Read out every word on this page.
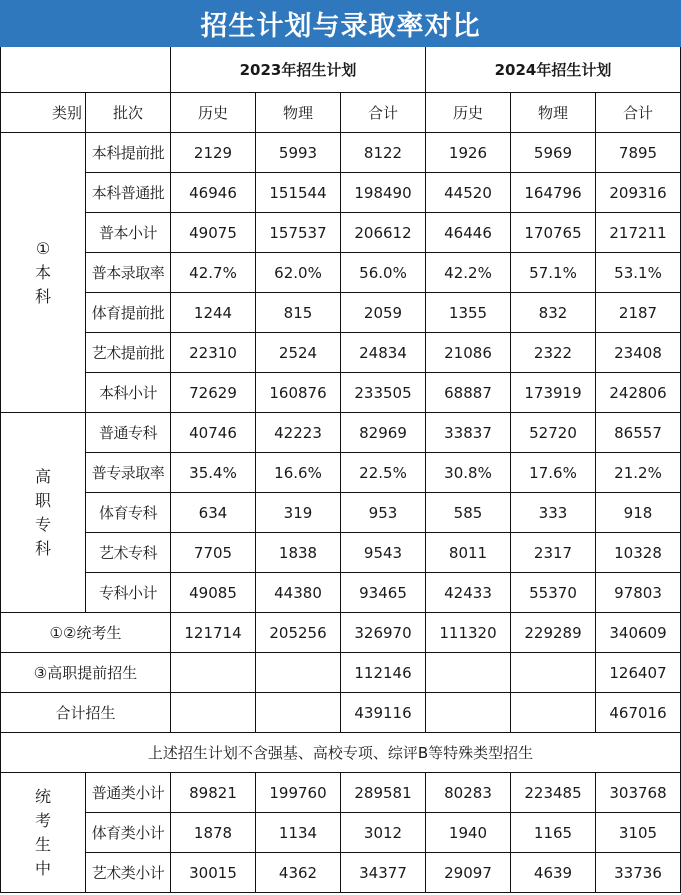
招生计划与录取率对比
		2023年招生计划			2024年招生计划		
类别	批次	历史	物理	合计	历史	物理	合计

①
本
科	本科提前批	2129	5993	8122	1926	5969	7895
	本科普通批	46946	151544	198490	44520	164796	209316
	普本小计	49075	157537	206612	46446	170765	217211
	普本录取率	42.7%	62.0%	56.0%	42.2%	57.1%	53.1%
	体育提前批	1244	815	2059	1355	832	2187
	艺术提前批	22310	2524	24834	21086	2322	23408
	本科小计	72629	160876	233505	68887	173919	242806

高
职
专
科	普通专科	40746	42223	82969	33837	52720	86557
	普专录取率	35.4%	16.6%	22.5%	30.8%	17.6%	21.2%
	体育专科	634	319	953	585	333	918
	艺术专科	7705	1838	9543	8011	2317	10328
	专科小计	49085	44380	93465	42433	55370	97803
①②统考生		121714	205256	326970	111320	229289	340609
③高职提前招生				112146			126407
合计招生				439116			467016
上述招生计划不含强基、高校专项、综评B等特殊类型招生							

统
考
生
中	普通类小计	89821	199760	289581	80283	223485	303768
	体育类小计	1878	1134	3012	1940	1165	3105
	艺术类小计	30015	4362	34377	29097	4639	33736
